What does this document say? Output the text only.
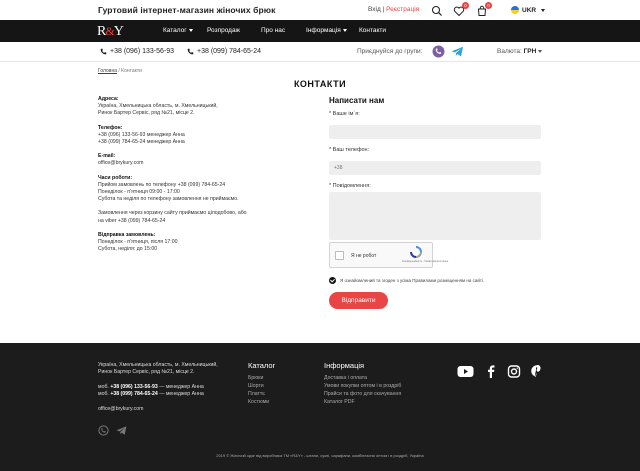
Гуртовий інтернет-магазин жіночих брюк	Вхід | Реєстрація
0	0
UKR
R&Y	Каталог	Розпродаж	Про нас	Інформація	Контакти
+38 (096) 133-56-93	+38 (099) 784-65-24	Приєднуйся до групи:	Валюта: ГРН
Головна / Контакти
КОНТАКТИ
Адреса:
Україна, Хмельницька область, м. Хмельницький,
Ринок Бартер Сервіс, ряд №21, місце 2.
Телефон:
+38 (096) 133-56-93 менеджер Анна
+38 (099) 784-65-24 менеджер Анна
E-mail:
office@brykury.com
Часи роботи:
Прийом замовлень по телефону +38 (099) 784-65-24
Понеділок - п'ятниця 09:00 - 17:00
Субота та неділя по телефону замовлення не приймаємо.
Замовлення через корзину сайту приймаємо цілодобово, або
на viber +38 (099) 784-65-24
Відправка замовлень:
Понеділок - п'ятниця, після 17:00
Субота, неділя: до 15:00
Написати нам
* Ваше ім`я:
* Ваш телефон:
+38
* Повідомлення:
Я не робот
Конфіденційність - Умови використання
Я ознайомлений та згоден з усіма Правилами розміщенням на сайті.
Відправити
Україна, Хмельницька область, м. Хмельницький,
Ринок Бартер Сервіс, ряд №21, місце 2.
моб. +38 (096) 133-56-93 — менеджер Анна
моб. +38 (099) 784-65-24 — менеджер Анна
office@brykury.com
Каталог
Брюки
Шорти
Платтє
Костюми
Інформація
Доставка і оплата
Умови покупки оптом і в роздріб
Прайси та фото для скачування
Каталог PDF
2019 © Жіночий одяг від виробника ТМ «R&Y» - штани, сукні, сарафани, комбінезони оптом і в роздріб, Україна
